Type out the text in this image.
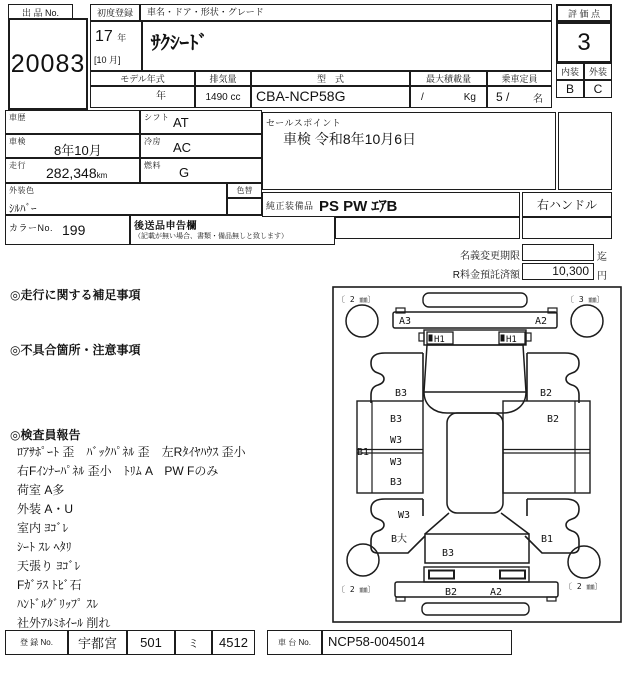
出 品 No.
20083
初度登録	車名・ドア・形状・グレード
17 年
[10 月]
ｻｸｼｰﾄﾞ
モデル年式	排気量	型　式	最大積載量	乗車定員
年	1490 cc	CBA-NCP58G	/	Kg 5 / 名
評 価 点
3
内装	外装
B	C
車歴	シフト AT
車検
8年10月
冷房 AC
走行 282,348km
燃料 G
外装色
ｼﾙﾊﾞｰ
色替
カラーNo. 199	後送品申告欄
（記載が無い場合、書類・備品無しと致します）
セールスポイント
車検 令和8年10月6日
純正装備品 PS PW ｴｱB	右ハンドル
名義変更期限	迄
R料金預託済額	10,300 円
◎走行に関する補足事項
◎不具合箇所・注意事項
◎検査員報告
ﾛｱｻﾎﾟｰﾄ 歪　ﾊﾞｯｸﾊﾟﾈﾙ 歪　左Rﾀｲﾔﾊｳｽ 歪小
右Fｲﾝﾅｰﾊﾟﾈﾙ 歪小　ﾄﾘﾑ A　PW Fのみ
荷室 A多
外装 A・U
室内 ﾖｺﾞﾚ
ｼｰﾄ ｽﾚ ﾍﾀﾘ
天張り ﾖｺﾞﾚ
Fｶﾞﾗｽ ﾄﾋﾞ石
ﾊﾝﾄﾞﾙｸﾞﾘｯﾌﾟ ｽﾚ
社外ｱﾙﾐﾎｲｰﾙ 削れ
〔 2 ㎜〕	〔 3 ㎜〕
〔 2 ㎜〕	〔 2 ㎜〕
A3	A2
H1	H1
B3	B2
B3	B2
W3
B1
W3
B3
W3
B大	B1
B3
B2	A2
登 録 No.	宇都宮	501	ミ	4512	車 台 No.	NCP58-0045014
